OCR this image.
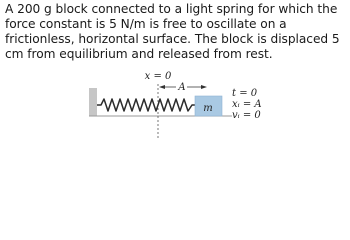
A 200 g block connected to a light spring for which the force constant is 5 N/m is free to oscillate on a frictionless, horizontal surface. The block is displaced 5 cm from equilibrium and released from rest.

m
x = 0
A
t = 0
xᵢ = A
vᵢ = 0
